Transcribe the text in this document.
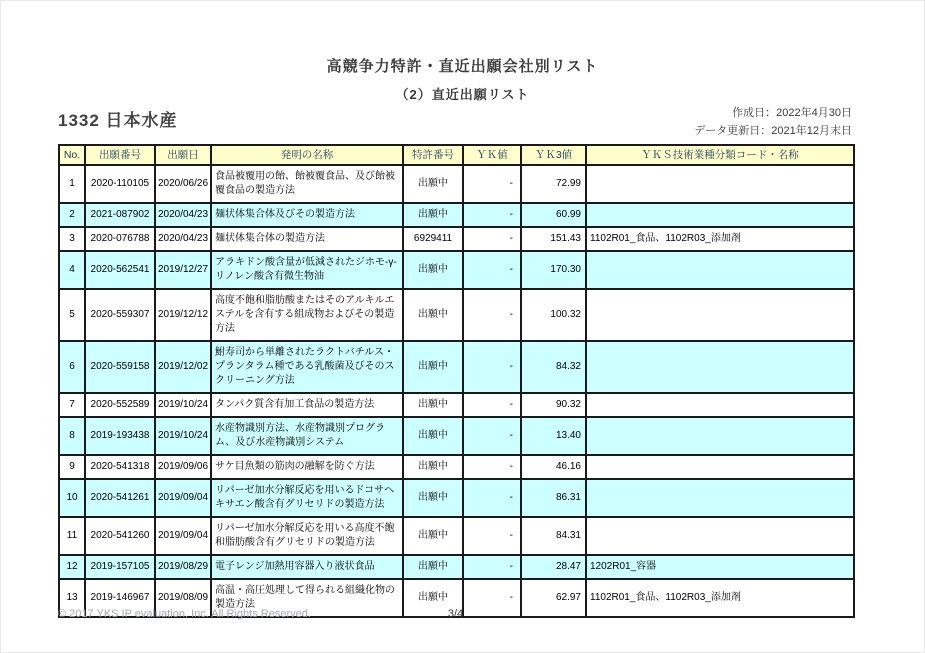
高競争力特許・直近出願会社別リスト
（2）直近出願リスト
作成日：2022年4月30日
データ更新日：2021年12月末日
1332 日本水産
No.	出願番号	出願日	発明の名称	特許番号	ＹＫ値	ＹＫ3値	ＹＫＳ技術業種分類コード・名称
1	2020-110105	2020/06/26	食品被覆用の飴、飴被覆食品、及び飴被覆食品の製造方法	出願中	-	72.99	
2	2021-087902	2020/04/23	麺状体集合体及びその製造方法	出願中	-	60.99	
3	2020-076788	2020/04/23	麺状体集合体の製造方法	6929411	-	151.43	1102R01_食品、1102R03_添加剤
4	2020-562541	2019/12/27	アラキドン酸含量が低減されたジホモ-γ-リノレン酸含有微生物油	出願中	-	170.30	
5	2020-559307	2019/12/12	高度不飽和脂肪酸またはそのアルキルエステルを含有する組成物およびその製造方法	出願中	-	100.32	
6	2020-559158	2019/12/02	鮒寿司から単離されたラクトバチルス・プランタラム種である乳酸菌及びそのスクリーニング方法	出願中	-	84.32	
7	2020-552589	2019/10/24	タンパク質含有加工食品の製造方法	出願中	-	90.32	
8	2019-193438	2019/10/24	水産物識別方法、水産物識別プログラム、及び水産物識別システム	出願中	-	13.40	
9	2020-541318	2019/09/06	サケ目魚類の筋肉の融解を防ぐ方法	出願中	-	46.16	
10	2020-541261	2019/09/04	リパーゼ加水分解反応を用いるドコサヘキサエン酸含有グリセリドの製造方法	出願中	-	86.31	
11	2020-541260	2019/09/04	リパーゼ加水分解反応を用いる高度不飽和脂肪酸含有グリセリドの製造方法	出願中	-	84.31	
12	2019-157105	2019/08/29	電子レンジ加熱用容器入り液状食品	出願中	-	28.47	1202R01_容器
13	2019-146967	2019/08/09	高温・高圧処理して得られる組織化物の製造方法	出願中	-	62.97	1102R01_食品、1102R03_添加剤
© 2017 YKS IP evaluation, Inc. All Rights Reserved.	3/4
